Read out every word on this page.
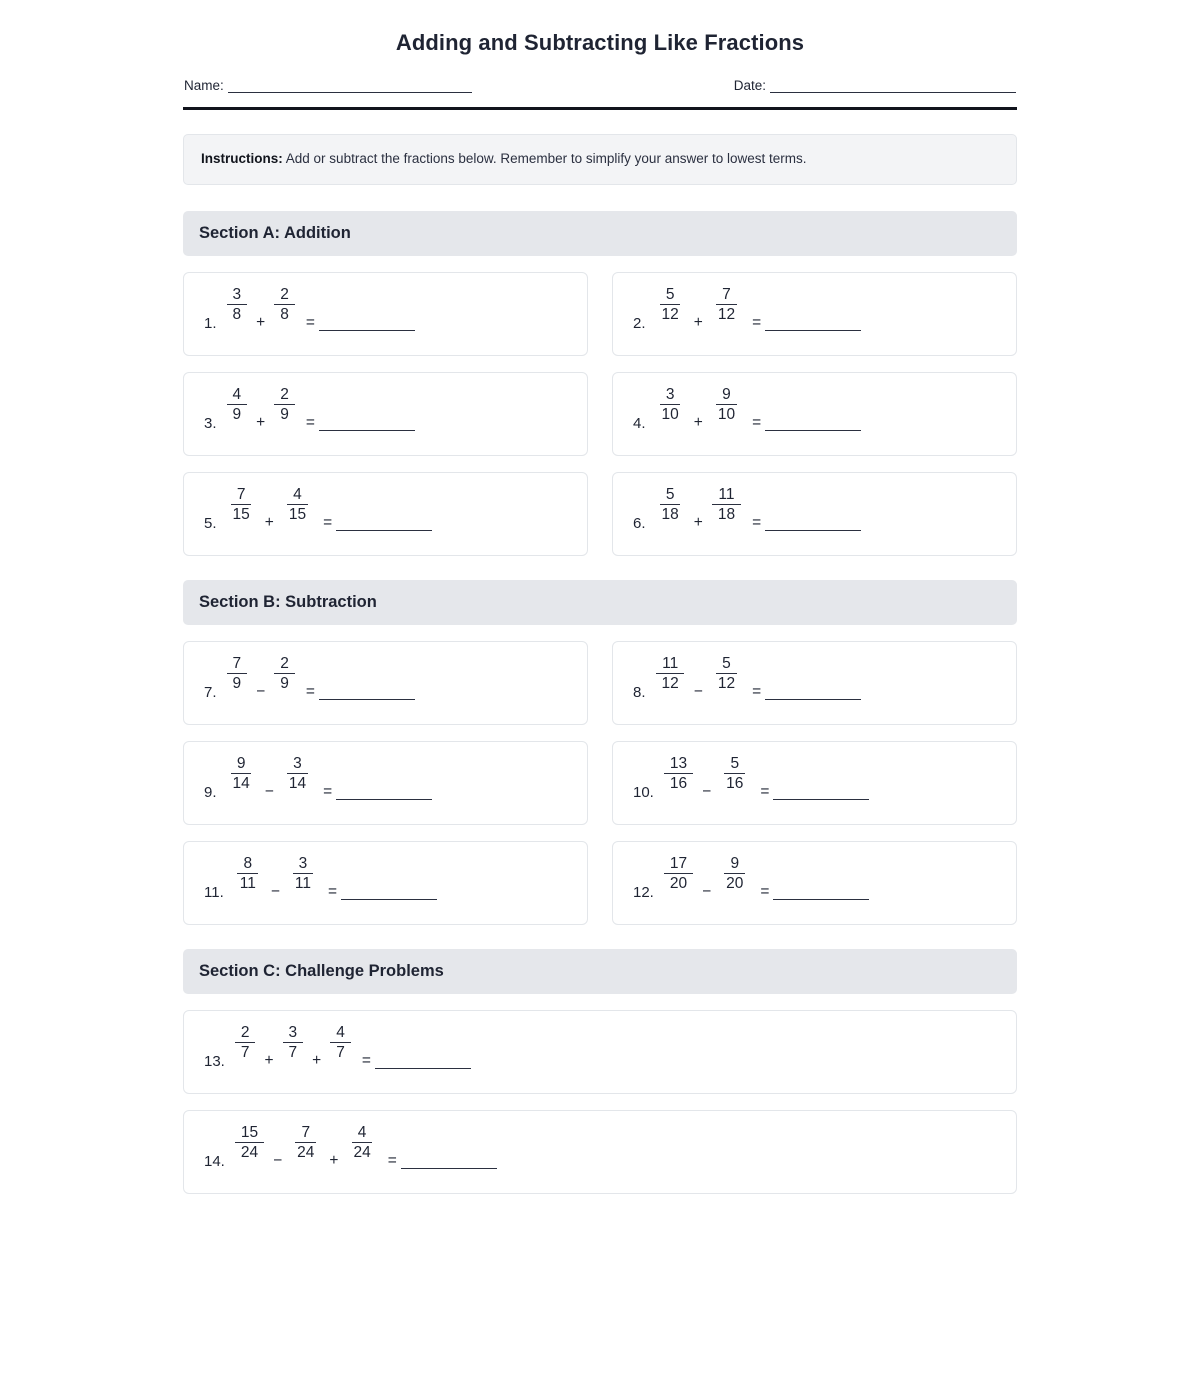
Adding and Subtracting Like Fractions
Name:	Date:
Instructions: Add or subtract the fractions below. Remember to simplify your answer to lowest terms.
Section A: Addition
1. $\frac{3}{8} + \frac{2}{8}$ =	2. $\frac{5}{12} + \frac{7}{12}$ =
3. $\frac{4}{9} + \frac{2}{9}$ =	4. $\frac{3}{10} + \frac{9}{10}$ =
5. $\frac{7}{15} + \frac{4}{15}$ =	6. $\frac{5}{18} + \frac{11}{18}$ =
Section B: Subtraction
7. $\frac{7}{9} - \frac{2}{9}$ =	8. $\frac{11}{12} - \frac{5}{12}$ =
9. $\frac{9}{14} - \frac{3}{14}$ =	10. $\frac{13}{16} - \frac{5}{16}$ =
11. $\frac{8}{11} - \frac{3}{11}$ =	12. $\frac{17}{20} - \frac{9}{20}$ =
Section C: Challenge Problems
13. $\frac{2}{7} + \frac{3}{7} + \frac{4}{7}$ =
14. $\frac{15}{24} - \frac{7}{24} + \frac{4}{24}$ =
